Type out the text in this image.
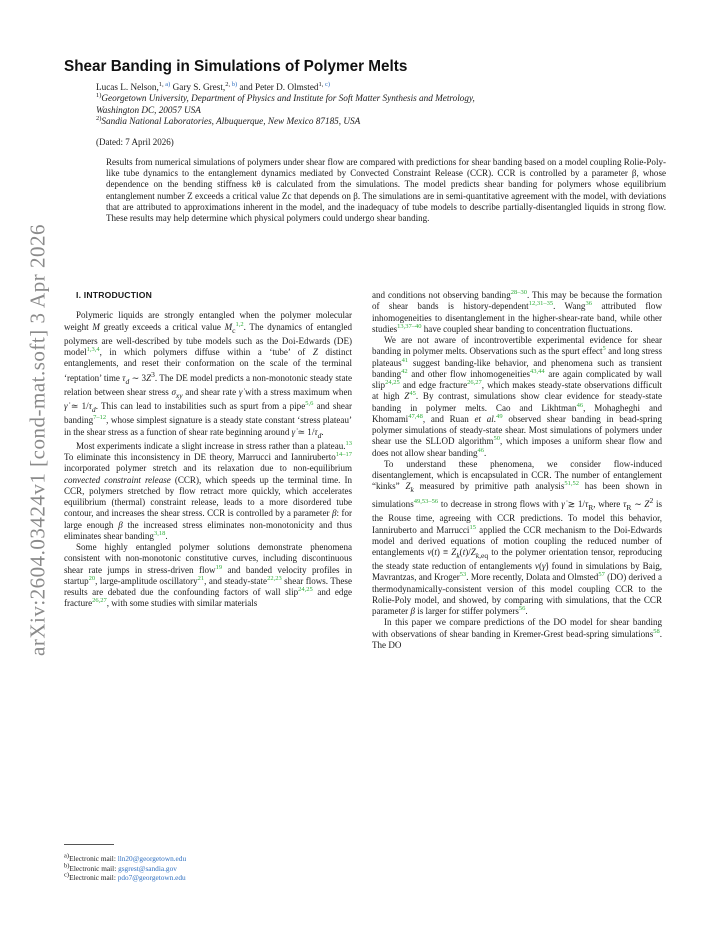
arXiv:2604.03424v1 [cond-mat.soft] 3 Apr 2026
Shear Banding in Simulations of Polymer Melts
Lucas L. Nelson,$^{1, a)}$ Gary S. Grest,$^{2, b)}$ and Peter D. Olmsted$^{1, c)}$
$^{1)}$Georgetown University, Department of Physics and Institute for Soft Matter Synthesis and Metrology,
Washington DC, 20057 USA
$^{2)}$Sandia National Laboratories, Albuquerque, New Mexico 87185, USA
(Dated: 7 April 2026)
Results from numerical simulations of polymers under shear flow are compared with predictions for shear banding based on a model coupling Rolie-Poly-like tube dynamics to the entanglement dynamics mediated by Convected Constraint Release (CCR). CCR is controlled by a parameter β, whose dependence on the bending stiffness kθ is calculated from the simulations. The model predicts shear banding for polymers whose equilibrium entanglement number Z exceeds a critical value Zc that depends on β. The simulations are in semi-quantitative agreement with the model, with deviations that are attributed to approximations inherent in the model, and the inadequacy of tube models to describe partially-disentangled liquids in strong flow. These results may help determine which physical polymers could undergo shear banding.

I. INTRODUCTION

Polymeric liquids are strongly entangled when the polymer molecular weight M greatly exceeds a critical value $M_c^{1,2}$. The dynamics of entangled polymers are well-described by tube models such as the Doi-Edwards (DE) model$^{1,3,4}$, in which polymers diffuse within a ‘tube’ of Z distinct entanglements, and reset their conformation on the scale of the terminal ‘reptation’ time $\tau_d$ ∼ $3Z^3$. The DE model predicts a non-monotonic steady state relation between shear stress $\sigma_{xy}$ and shear rate γ̇ with a stress maximum when γ̇ ≃ $1/\tau_d$. This can lead to instabilities such as spurt from a pipe$^{5,6}$ and shear banding$^{7-12}$, whose simplest signature is a steady state constant ‘stress plateau’ in the shear stress as a function of shear rate beginning around γ̇ ≃ $1/\tau_d$.

Most experiments indicate a slight increase in stress rather than a plateau.$^{13}$ To eliminate this inconsistency in DE theory, Marrucci and Ianniruberto$^{14-17}$ incorporated polymer stretch and its relaxation due to non-equilibrium convected constraint release (CCR), which speeds up the terminal time. In CCR, polymers stretched by flow retract more quickly, which accelerates equilibrium (thermal) constraint release, leads to a more disordered tube contour, and increases the shear stress. CCR is controlled by a parameter β: for large enough β the increased stress eliminates non-monotonicity and thus eliminates shear banding$^{3,18}$.

Some highly entangled polymer solutions demonstrate phenomena consistent with non-monotonic constitutive curves, including discontinuous shear rate jumps in stress-driven flow$^{19}$ and banded velocity profiles in startup$^{20}$, large-amplitude oscillatory$^{21}$, and steady-state$^{22,23}$ shear flows. These results are debated due the confounding factors of wall slip$^{24,25}$ and edge fracture$^{26,27}$, with some studies with similar materials

a)Electronic mail: lln20@georgetown.edu
b)Electronic mail: gsgrest@sandia.gov
c)Electronic mail: pdo7@georgetown.edu

and conditions not observing banding$^{28-30}$. This may be because the formation of shear bands is history-dependent$^{12,31-35}$. Wang$^{36}$ attributed flow inhomogeneities to disentanglement in the higher-shear-rate band, while other studies$^{13,37-40}$ have coupled shear banding to concentration fluctuations.

We are not aware of incontrovertible experimental evidence for shear banding in polymer melts. Observations such as the spurt effect$^5$ and long stress plateaus$^{41}$ suggest banding-like behavior, and phenomena such as transient banding$^{42}$ and other flow inhomogeneities$^{43,44}$ are again complicated by wall slip$^{24,25}$ and edge fracture$^{26,27}$, which makes steady-state observations difficult at high Z$^{45}$. By contrast, simulations show clear evidence for steady-state banding in polymer melts. Cao and Likhtman$^{46}$, Mohagheghi and Khomami$^{47,48}$, and Ruan et al.$^{49}$ observed shear banding in bead-spring polymer simulations of steady-state shear. Most simulations of polymers under shear use the SLLOD algorithm$^{50}$, which imposes a uniform shear flow and does not allow shear banding$^{46}$.

To understand these phenomena, we consider flow-induced disentanglement, which is encapsulated in CCR. The number of entanglement “kinks” $Z_k$ measured by primitive path analysis$^{51,52}$ has been shown in simulations$^{49,53-56}$ to decrease in strong flows with γ̇ ≳ $1/\tau_R$, where $\tau_R$ ∼ $Z^2$ is the Rouse time, agreeing with CCR predictions. To model this behavior, Ianniruberto and Marrucci$^{15}$ applied the CCR mechanism to the Doi-Edwards model and derived equations of motion coupling the reduced number of entanglements $\nu(t) \equiv Z_k(t)/Z_{k,eq}$ to the polymer orientation tensor, reproducing the steady state reduction of entanglements ν(γ̇) found in simulations by Baig, Mavrantzas, and Kroger$^{53}$. More recently, Dolata and Olmsted$^{57}$ (DO) derived a thermodynamically-consistent version of this model coupling CCR to the Rolie-Poly model, and showed, by comparing with simulations, that the CCR parameter β is larger for stiffer polymers$^{56}$.

In this paper we compare predictions of the DO model for shear banding with observations of shear banding in Kremer-Grest bead-spring simulations$^{58}$. The DO
